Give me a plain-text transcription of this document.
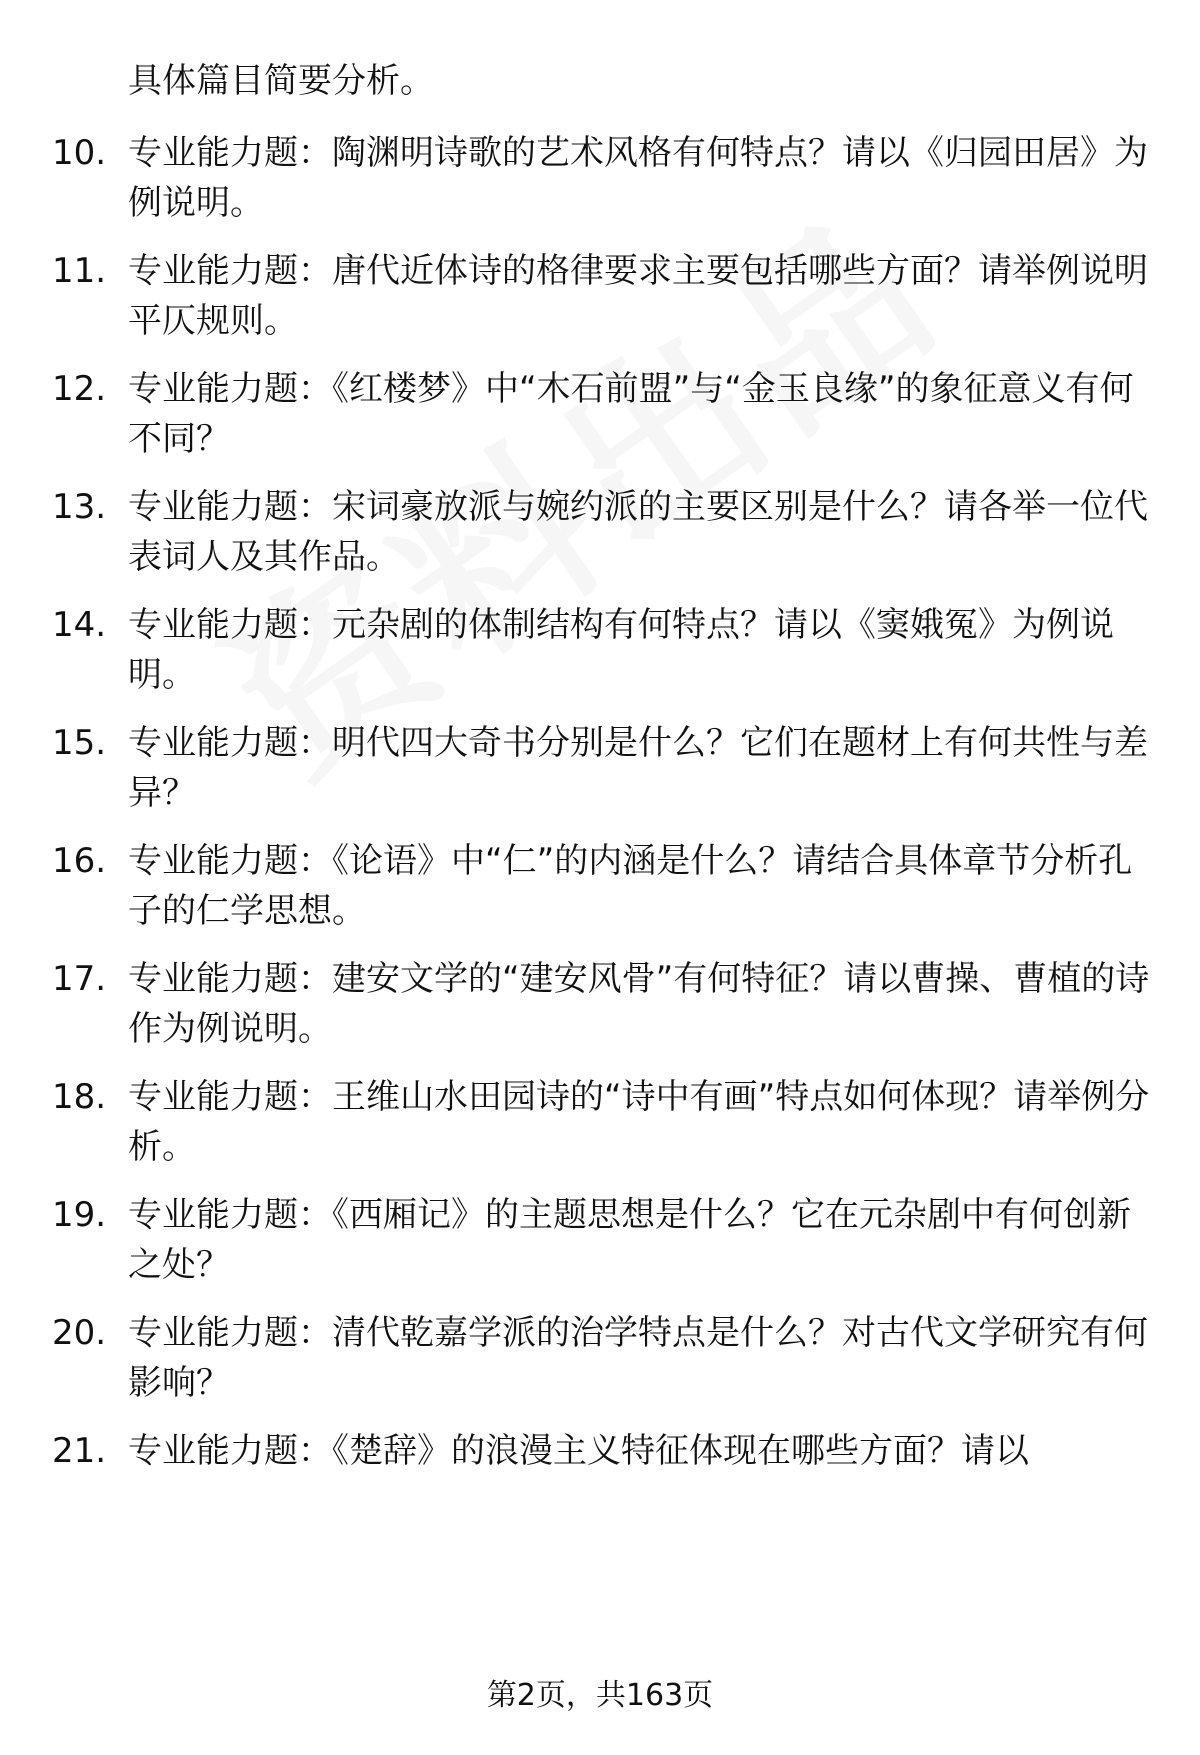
具体篇目简要分析。
10. 专业能力题：陶渊明诗歌的艺术风格有何特点？请以《归园田居》为例说明。
11. 专业能力题：唐代近体诗的格律要求主要包括哪些方面？请举例说明平仄规则。
12. 专业能力题：《红楼梦》中“木石前盟”与“金玉良缘”的象征意义有何不同？
13. 专业能力题：宋词豪放派与婉约派的主要区别是什么？请各举一位代表词人及其作品。
14. 专业能力题：元杂剧的体制结构有何特点？请以《窦娥冤》为例说明。
15. 专业能力题：明代四大奇书分别是什么？它们在题材上有何共性与差异？
16. 专业能力题：《论语》中“仁”的内涵是什么？请结合具体章节分析孔子的仁学思想。
17. 专业能力题：建安文学的“建安风骨”有何特征？请以曹操、曹植的诗作为例说明。
18. 专业能力题：王维山水田园诗的“诗中有画”特点如何体现？请举例分析。
19. 专业能力题：《西厢记》的主题思想是什么？它在元杂剧中有何创新之处？
20. 专业能力题：清代乾嘉学派的治学特点是什么？对古代文学研究有何影响？
21. 专业能力题：《楚辞》的浪漫主义特征体现在哪些方面？请以
第2页，共163页
